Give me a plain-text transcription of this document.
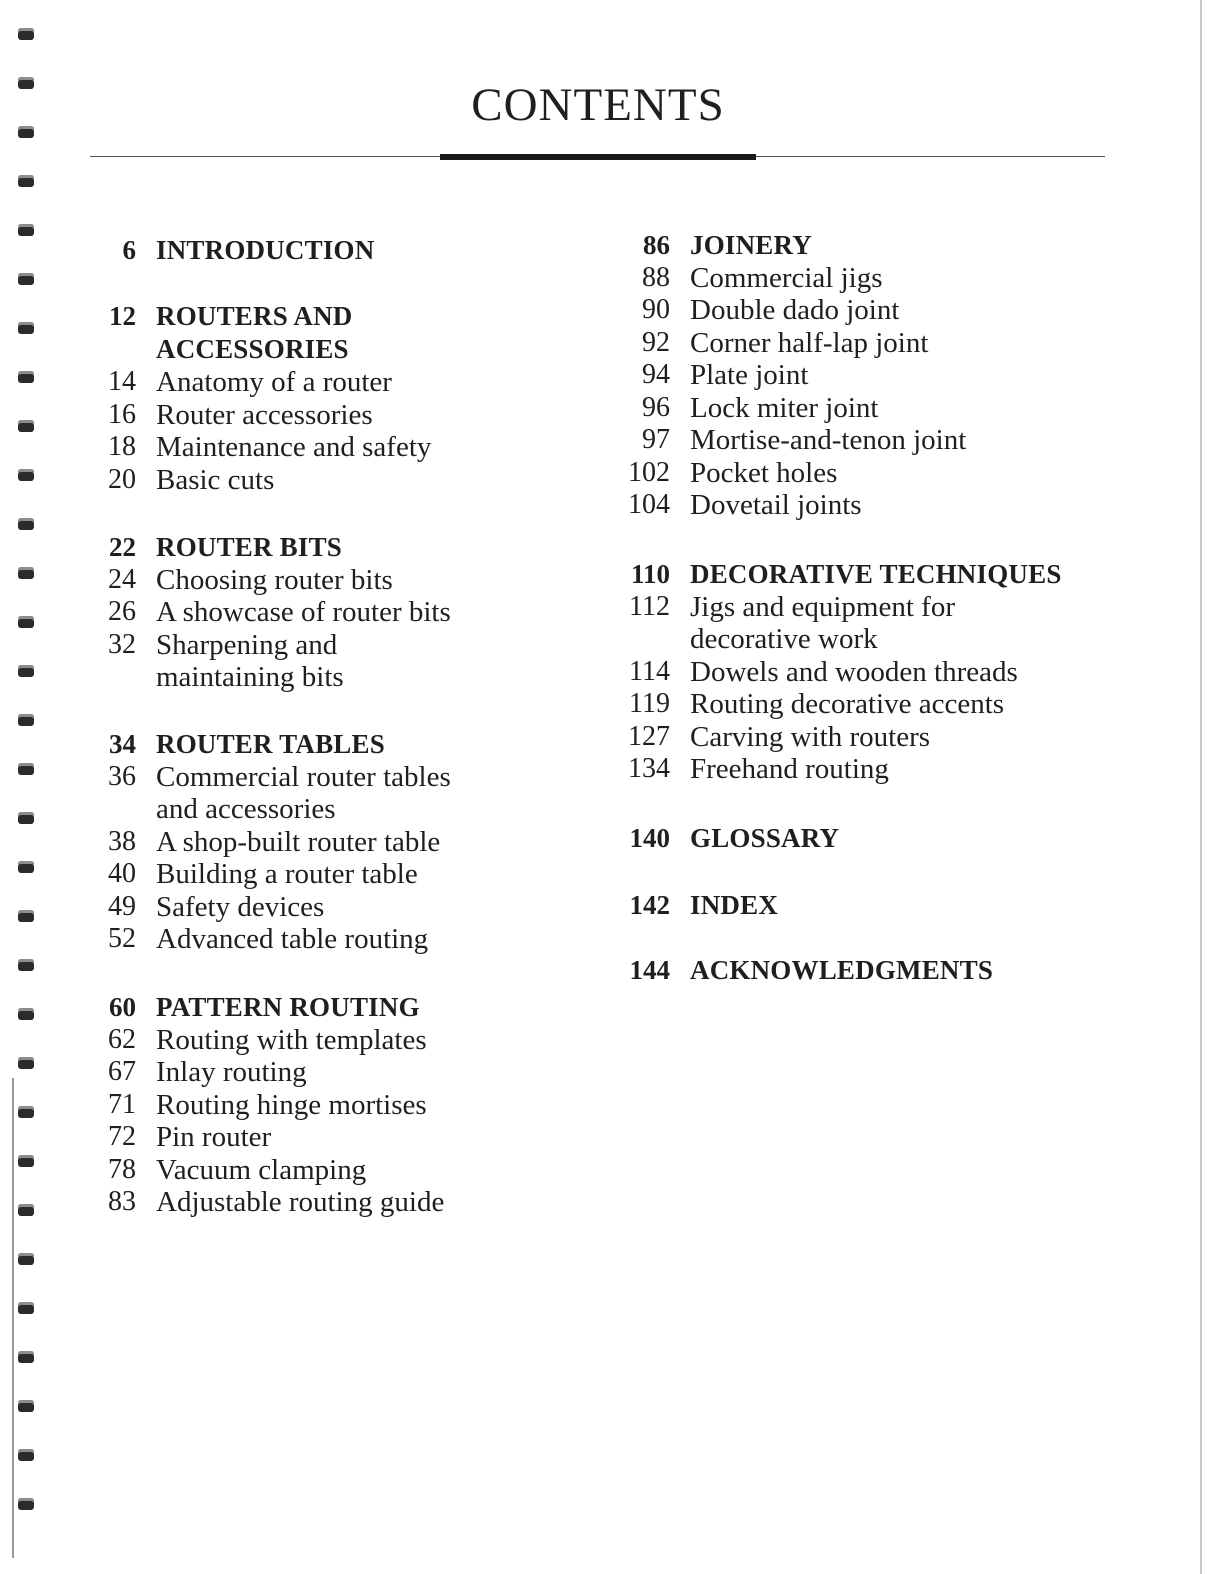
CONTENTS
6 INTRODUCTION
12 ROUTERS AND ACCESSORIES
14 Anatomy of a router
16 Router accessories
18 Maintenance and safety
20 Basic cuts
22 ROUTER BITS
24 Choosing router bits
26 A showcase of router bits
32 Sharpening and maintaining bits
34 ROUTER TABLES
36 Commercial router tables and accessories
38 A shop-built router table
40 Building a router table
49 Safety devices
52 Advanced table routing
60 PATTERN ROUTING
62 Routing with templates
67 Inlay routing
71 Routing hinge mortises
72 Pin router
78 Vacuum clamping
83 Adjustable routing guide
86 JOINERY
88 Commercial jigs
90 Double dado joint
92 Corner half-lap joint
94 Plate joint
96 Lock miter joint
97 Mortise-and-tenon joint
102 Pocket holes
104 Dovetail joints
110 DECORATIVE TECHNIQUES
112 Jigs and equipment for decorative work
114 Dowels and wooden threads
119 Routing decorative accents
127 Carving with routers
134 Freehand routing
140 GLOSSARY
142 INDEX
144 ACKNOWLEDGMENTS
